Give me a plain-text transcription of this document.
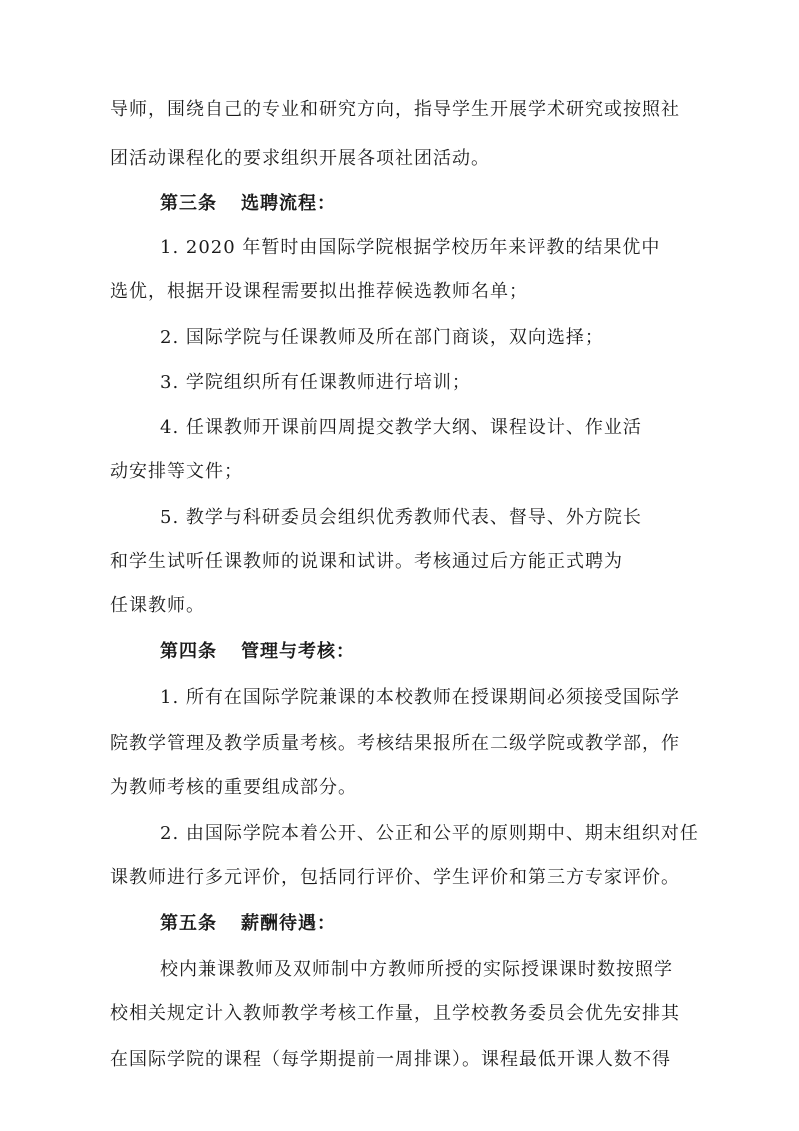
导师，围绕自己的专业和研究方向，指导学生开展学术研究或按照社
团活动课程化的要求组织开展各项社团活动。
第三条 选聘流程：
1. 2020 年暂时由国际学院根据学校历年来评教的结果优中
选优，根据开设课程需要拟出推荐候选教师名单；
2. 国际学院与任课教师及所在部门商谈，双向选择；
3. 学院组织所有任课教师进行培训；
4. 任课教师开课前四周提交教学大纲、课程设计、作业活
动安排等文件；
5. 教学与科研委员会组织优秀教师代表、督导、外方院长
和学生试听任课教师的说课和试讲。考核通过后方能正式聘为
任课教师。
第四条 管理与考核：
1. 所有在国际学院兼课的本校教师在授课期间必须接受国际学
院教学管理及教学质量考核。考核结果报所在二级学院或教学部，作
为教师考核的重要组成部分。
2. 由国际学院本着公开、公正和公平的原则期中、期末组织对任
课教师进行多元评价，包括同行评价、学生评价和第三方专家评价。
第五条 薪酬待遇：
校内兼课教师及双师制中方教师所授的实际授课课时数按照学
校相关规定计入教师教学考核工作量，且学校教务委员会优先安排其
在国际学院的课程（每学期提前一周排课）。课程最低开课人数不得
